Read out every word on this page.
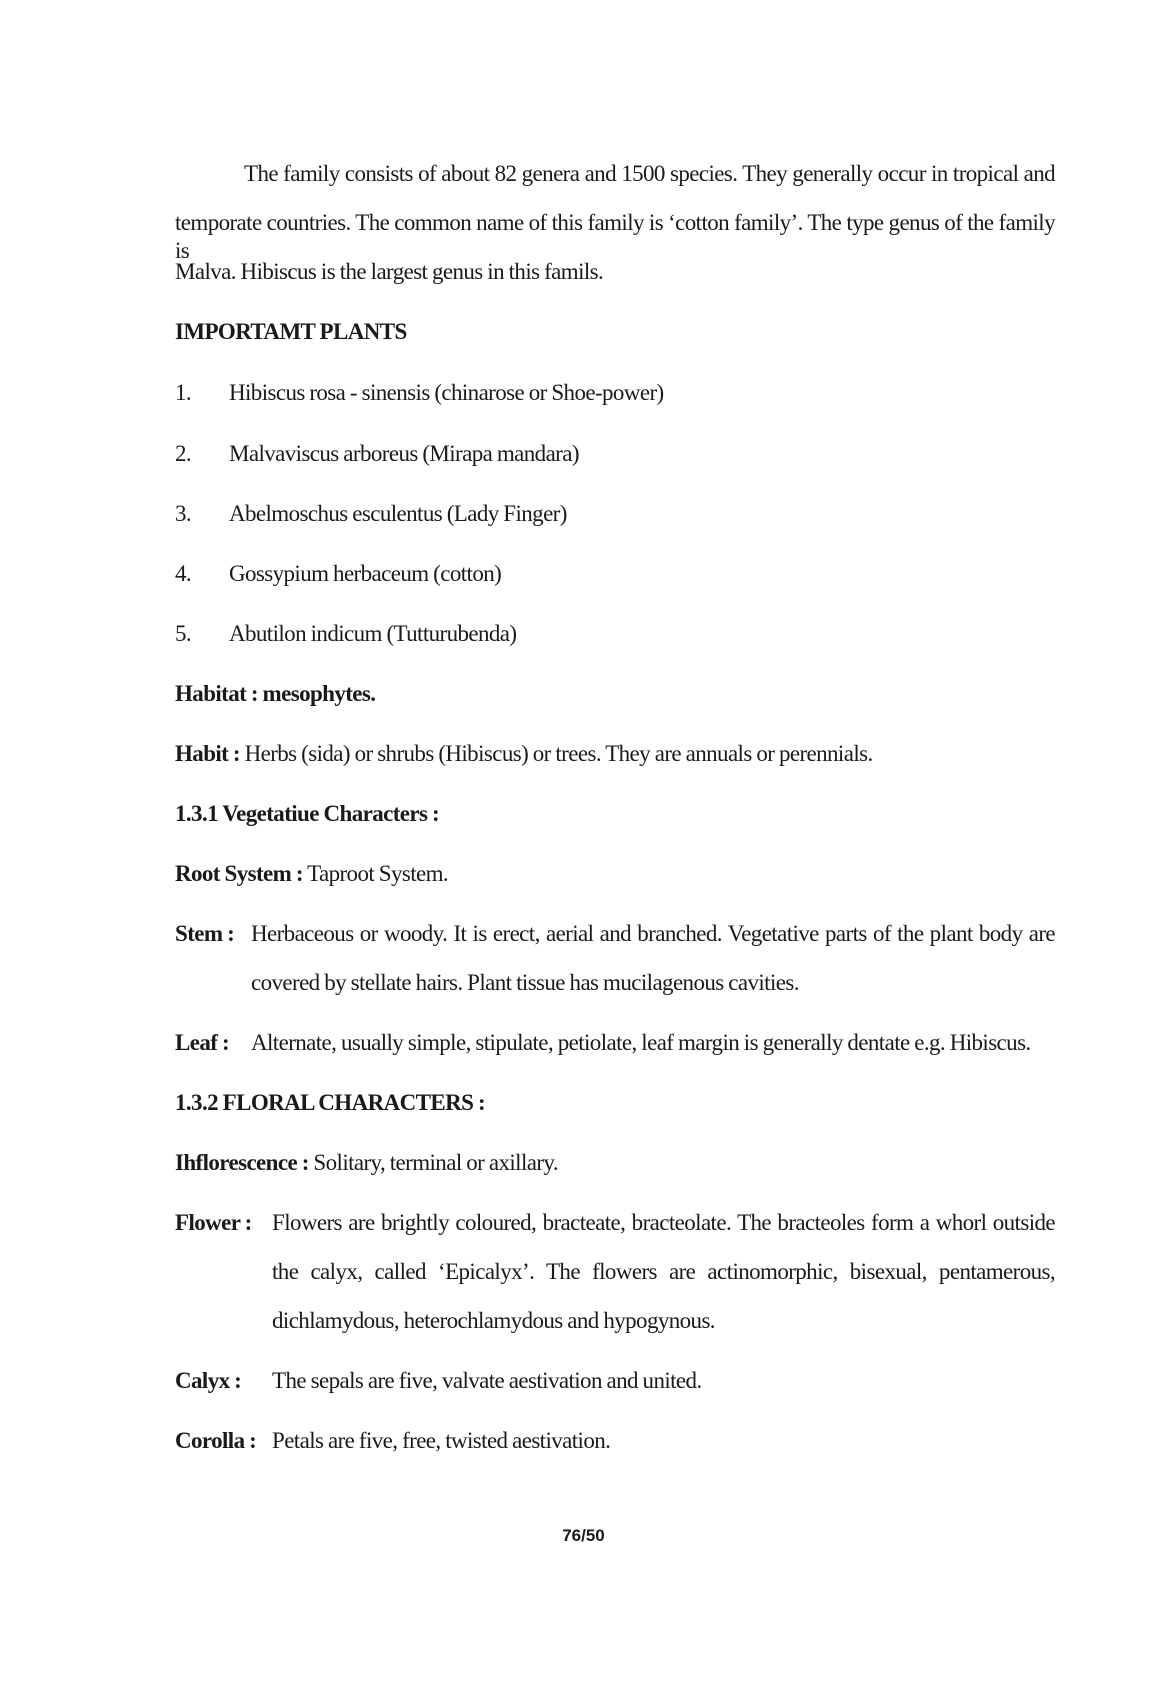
The family consists of about 82 genera and 1500 species. They generally occur in tropical and
temporate countries. The common name of this family is ‘cotton family’. The type genus of the family is
Malva. Hibiscus is the largest genus in this famils.
IMPORTAMT PLANTS
1. Hibiscus rosa - sinensis (chinarose or Shoe-power)
2. Malvaviscus arboreus (Mirapa mandara)
3. Abelmoschus esculentus (Lady Finger)
4. Gossypium herbaceum (cotton)
5. Abutilon indicum (Tutturubenda)
Habitat : mesophytes.
Habit : Herbs (sida) or shrubs (Hibiscus) or trees. They are annuals or perennials.
1.3.1 Vegetatiue Characters :
Root System : Taproot System.
Stem : Herbaceous or woody. It is erect, aerial and branched. Vegetative parts of the plant body are
covered by stellate hairs. Plant tissue has mucilagenous cavities.
Leaf : Alternate, usually simple, stipulate, petiolate, leaf margin is generally dentate e.g. Hibiscus.
1.3.2 FLORAL CHARACTERS :
Ihflorescence : Solitary, terminal or axillary.
Flower : Flowers are brightly coloured, bracteate, bracteolate. The bracteoles form a whorl outside
the calyx, called ‘Epicalyx’. The flowers are actinomorphic, bisexual, pentamerous,
dichlamydous, heterochlamydous and hypogynous.
Calyx : The sepals are five, valvate aestivation and united.
Corolla : Petals are five, free, twisted aestivation.
76/50
